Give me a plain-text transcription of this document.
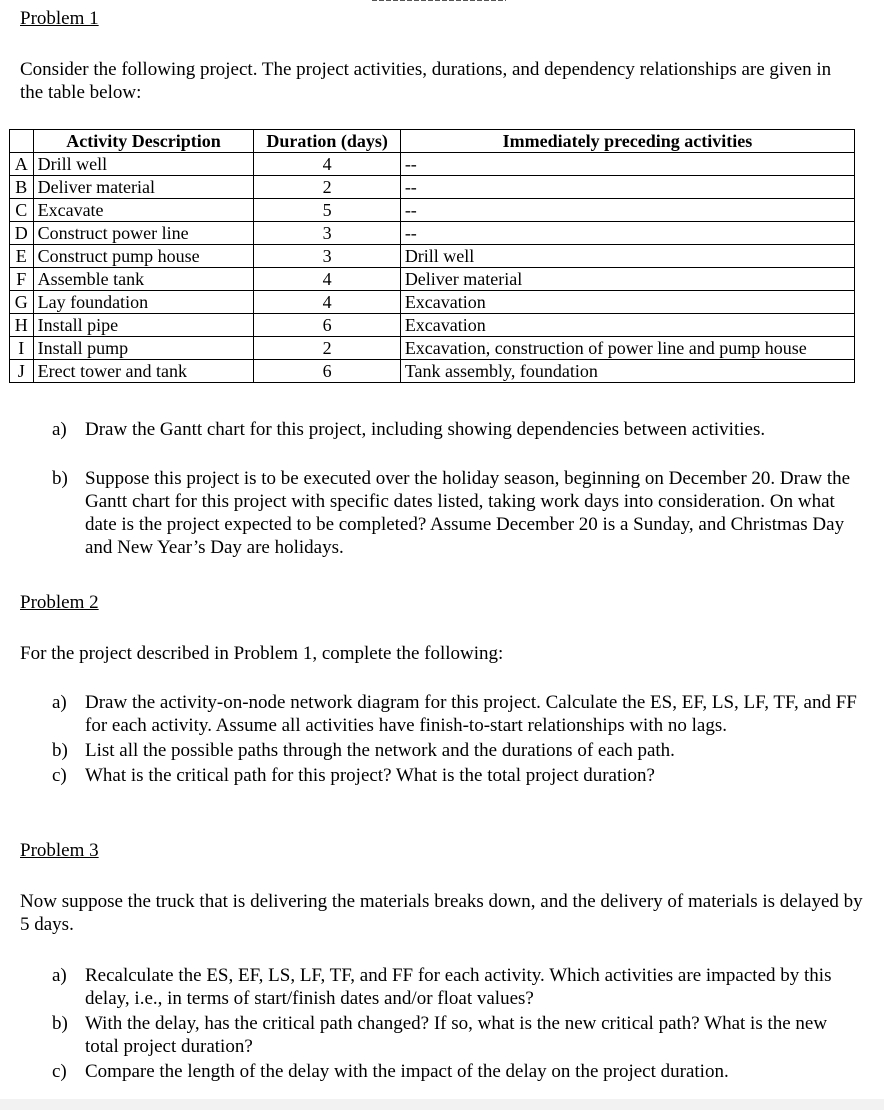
Problem 1
Consider the following project. The project activities, durations, and dependency relationships are given in the table below:
	Activity Description	Duration (days)	Immediately preceding activities
A	Drill well	4	--
B	Deliver material	2	--
C	Excavate	5	--
D	Construct power line	3	--
E	Construct pump house	3	Drill well
F	Assemble tank	4	Deliver material
G	Lay foundation	4	Excavation
H	Install pipe	6	Excavation
I	Install pump	2	Excavation, construction of power line and pump house
J	Erect tower and tank	6	Tank assembly, foundation
a) Draw the Gantt chart for this project, including showing dependencies between activities.
b) Suppose this project is to be executed over the holiday season, beginning on December 20. Draw the Gantt chart for this project with specific dates listed, taking work days into consideration. On what date is the project expected to be completed? Assume December 20 is a Sunday, and Christmas Day and New Year’s Day are holidays.
Problem 2
For the project described in Problem 1, complete the following:
a) Draw the activity-on-node network diagram for this project. Calculate the ES, EF, LS, LF, TF, and FF for each activity. Assume all activities have finish-to-start relationships with no lags.
b) List all the possible paths through the network and the durations of each path.
c) What is the critical path for this project? What is the total project duration?
Problem 3
Now suppose the truck that is delivering the materials breaks down, and the delivery of materials is delayed by 5 days.
a) Recalculate the ES, EF, LS, LF, TF, and FF for each activity. Which activities are impacted by this delay, i.e., in terms of start/finish dates and/or float values?
b) With the delay, has the critical path changed? If so, what is the new critical path? What is the new total project duration?
c) Compare the length of the delay with the impact of the delay on the project duration.
